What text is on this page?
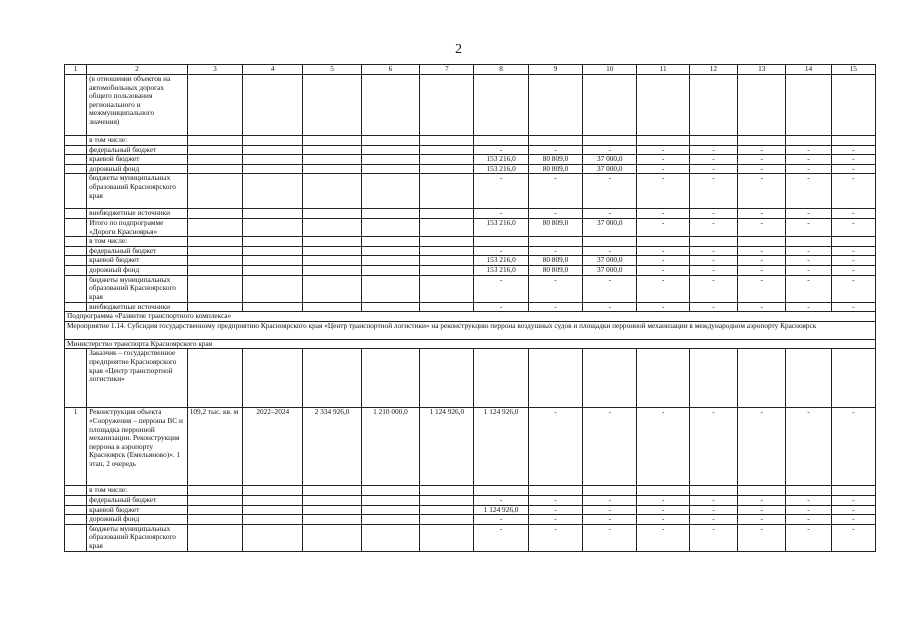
2
1	2	3	4	5	6	7	8	9	10	11	12	13	14	15
	(в отношении объектов на автомобильных дорогах общего пользования регионального и межмуниципального значения)													
	в том числе:													
	федеральный бюджет						-	-	-	-	-	-	-	-
	краевой бюджет						153 216,0	80 809,0	37 000,0	-	-	-	-	-
	дорожный фонд						153 216,0	80 809,0	37 000,0	-	-	-	-	-
	бюджеты муниципальных образований Красноярского края						-	-	-	-	-	-	-	-
	внебюджетные источники						-	-	-	-	-	-	-	-
	Итого по подпрограмме «Дороги Красноярья»						153 216,0	80 809,0	37 000,0	-	-	-	-	-
	в том числе:													
	федеральный бюджет						-	-	-	-	-	-	-	-
	краевой бюджет						153 216,0	80 809,0	37 000,0	-	-	-	-	-
	дорожный фонд						153 216,0	80 809,0	37 000,0	-	-	-	-	-
	бюджеты муниципальных образований Красноярского края						-	-	-	-	-	-	-	-
	внебюджетные источники						-	-	-	-	-	-	-	-
Подпрограмма «Развитие транспортного комплекса»														
Мероприятие 1.14. Субсидия государственному предприятию Красноярского края «Центр транспортной логистики» на реконструкцию перрона воздушных судов и площадки перронной механизации в международном аэропорту Красноярск														
Министерство транспорта Красноярского края														
	Заказчик – государственное предприятие Красноярского края «Центр транспортной логистики»													
1	Реконструкция объекта «Сооружения – перроны ВС и площадка перронной механизации. Реконструкция перрона в аэропорту Красноярск (Емельяново)». 1 этап, 2 очередь	109,2 тыс. кв. м	2022–2024	2 334 926,0	1 210 000,0	1 124 926,0	1 124 926,0	-	-	-	-	-	-	-
	в том числе:													
	федеральный бюджет						-	-	-	-	-	-	-	-
	краевой бюджет						1 124 926,0	-	-	-	-	-	-	-
	дорожный фонд						-	-	-	-	-	-	-	-
	бюджеты муниципальных образований Красноярского края						-	-	-	-	-	-	-	-
